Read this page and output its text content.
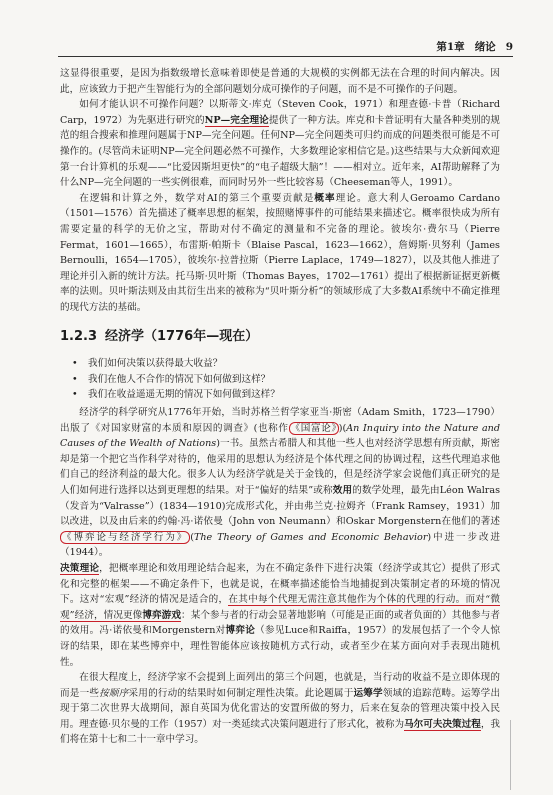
第1章 绪论 9

这显得很重要，是因为指数级增长意味着即使是普通的大规模的实例都无法在合理的时间内解决。因此，应该致力于把产生智能行为的全部问题划分成可操作的子问题，而不是不可操作的子问题。

如何才能认识不可操作问题？以斯蒂文·库克（Steven Cook，1971）和理查德·卡普（Richard Carp，1972）为先驱进行研究的NP—完全理论提供了一种方法。库克和卡普证明有大量各种类别的规范的组合搜索和推理问题属于NP—完全问题。任何NP—完全问题类可归约而成的问题类很可能是不可操作的。(尽管尚未证明NP—完全问题必然不可操作，大多数理论家相信它是。)这些结果与大众新闻欢迎第一台计算机的乐观——“比爱因斯坦更快”的“电子超级大脑”！——相对立。近年来，AI帮助解释了为什么NP—完全问题的一些实例很难，而同时另外一些比较容易（Cheeseman等人，1991）。

在逻辑和计算之外，数学对AI的第三个重要贡献是概率理论。意大利人Geroamo Cardano（1501—1576）首先描述了概率思想的框架，按照赌博事件的可能结果来描述它。概率很快成为所有需要定量的科学的无价之宝，帮助对付不确定的测量和不完备的理论。彼埃尔·费尔马（Pierre Fermat，1601—1665），布雷斯·帕斯卡（Blaise Pascal，1623—1662），詹姆斯·贝努利（James Bernoulli，1654—1705），彼埃尔·拉普拉斯（Pierre Laplace，1749—1827），以及其他人推进了理论并引入新的统计方法。托马斯·贝叶斯（Thomas Bayes，1702—1761）提出了根据新证据更新概率的法则。贝叶斯法则及由其衍生出来的被称为“贝叶斯分析”的领域形成了大多数AI系统中不确定推理的现代方法的基础。

1.2.3 经济学（1776年—现在）
• 我们如何决策以获得最大收益？
• 我们在他人不合作的情况下如何做到这样？
• 我们在收益遥遥无期的情况下如何做到这样？

经济学的科学研究从1776年开始，当时苏格兰哲学家亚当·斯密（Adam Smith，1723—1790）出版了《对国家财富的本质和原因的调查》(也称作 《国富论》 )(An Inquiry into the Nature and Causes of the Wealth of Nations)一书。虽然古希腊人和其他一些人也对经济学思想有所贡献，斯密却是第一个把它当作科学对待的，他采用的思想认为经济是个体代理之间的协调过程，这些代理追求他们自己的经济利益的最大化。很多人认为经济学就是关于金钱的，但是经济学家会说他们真正研究的是人们如何进行选择以达到更理想的结果。对于“偏好的结果”或称效用的数学处理，最先由Léon Walras（发音为“Valrasse”）(1834—1910)完成形式化，并由弗兰克·拉姆齐（Frank Ramsey，1931）加以改进，以及由后来的约翰·冯·诺依曼（John von Neumann）和Oskar Morgenstern在他们的著述《博弈论与经济学行为》 (The Theory of Games and Economic Behavior)中进一步改进（1944）。

决策理论，把概率理论和效用理论结合起来，为在不确定条件下进行决策（经济学或其它）提供了形式化和完整的框架——不确定条件下，也就是说，在概率描述能恰当地捕捉到决策制定者的环境的情况下。这对“宏观”经济的情况是适合的，在其中每个代理无需注意其他作为个体的代理的行动。而对“微观”经济，情况更像博弈游戏：某个参与者的行动会显著地影响（可能是正面的或者负面的）其他参与者的效用。冯·诺依曼和Morgenstern对博弈论（参见Luce和Raiffa，1957）的发展包括了一个令人惊讶的结果，即在某些博弈中，理性智能体应该按随机方式行动，或者至少在某方面向对手表现出随机性。

在很大程度上，经济学家不会提到上面列出的第三个问题，也就是，当行动的收益不是立即体现的而是一些按顺序采用的行动的结果时如何制定理性决策。此论题属于运筹学领域的追踪范畴。运筹学出现于第二次世界大战期间，源自英国为优化雷达的安置所做的努力，后来在复杂的管理决策中投入民用。理查德·贝尔曼的工作（1957）对一类延续式决策问题进行了形式化，被称为马尔可夫决策过程，我们将在第十七和二十一章中学习。
